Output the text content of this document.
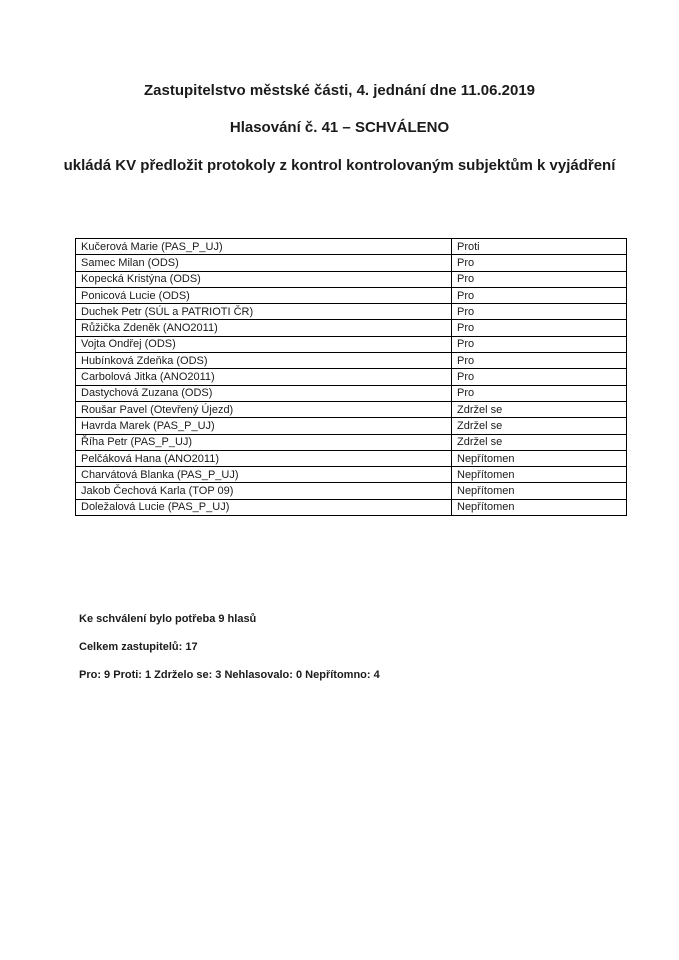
Zastupitelstvo městské části, 4. jednání dne 11.06.2019
Hlasování č. 41 – SCHVÁLENO
ukládá KV předložit protokoly z kontrol kontrolovaným subjektům k vyjádření
Kučerová Marie (PAS_P_UJ)	Proti
Samec Milan (ODS)	Pro
Kopecká Kristýna (ODS)	Pro
Ponicová Lucie (ODS)	Pro
Duchek Petr (SÚL a PATRIOTI ČR)	Pro
Růžička Zdeněk (ANO2011)	Pro
Vojta Ondřej (ODS)	Pro
Hubínková Zdeňka (ODS)	Pro
Carbolová Jitka (ANO2011)	Pro
Dastychová Zuzana (ODS)	Pro
Roušar Pavel (Otevřený Újezd)	Zdržel se
Havrda Marek (PAS_P_UJ)	Zdržel se
Říha Petr (PAS_P_UJ)	Zdržel se
Pelčáková Hana (ANO2011)	Nepřítomen
Charvátová Blanka (PAS_P_UJ)	Nepřítomen
Jakob Čechová Karla (TOP 09)	Nepřítomen
Doležalová Lucie (PAS_P_UJ)	Nepřítomen

Ke schválení bylo potřeba 9 hlasů

Celkem zastupitelů: 17

Pro: 9 Proti: 1 Zdrželo se: 3 Nehlasovalo: 0 Nepřítomno: 4
